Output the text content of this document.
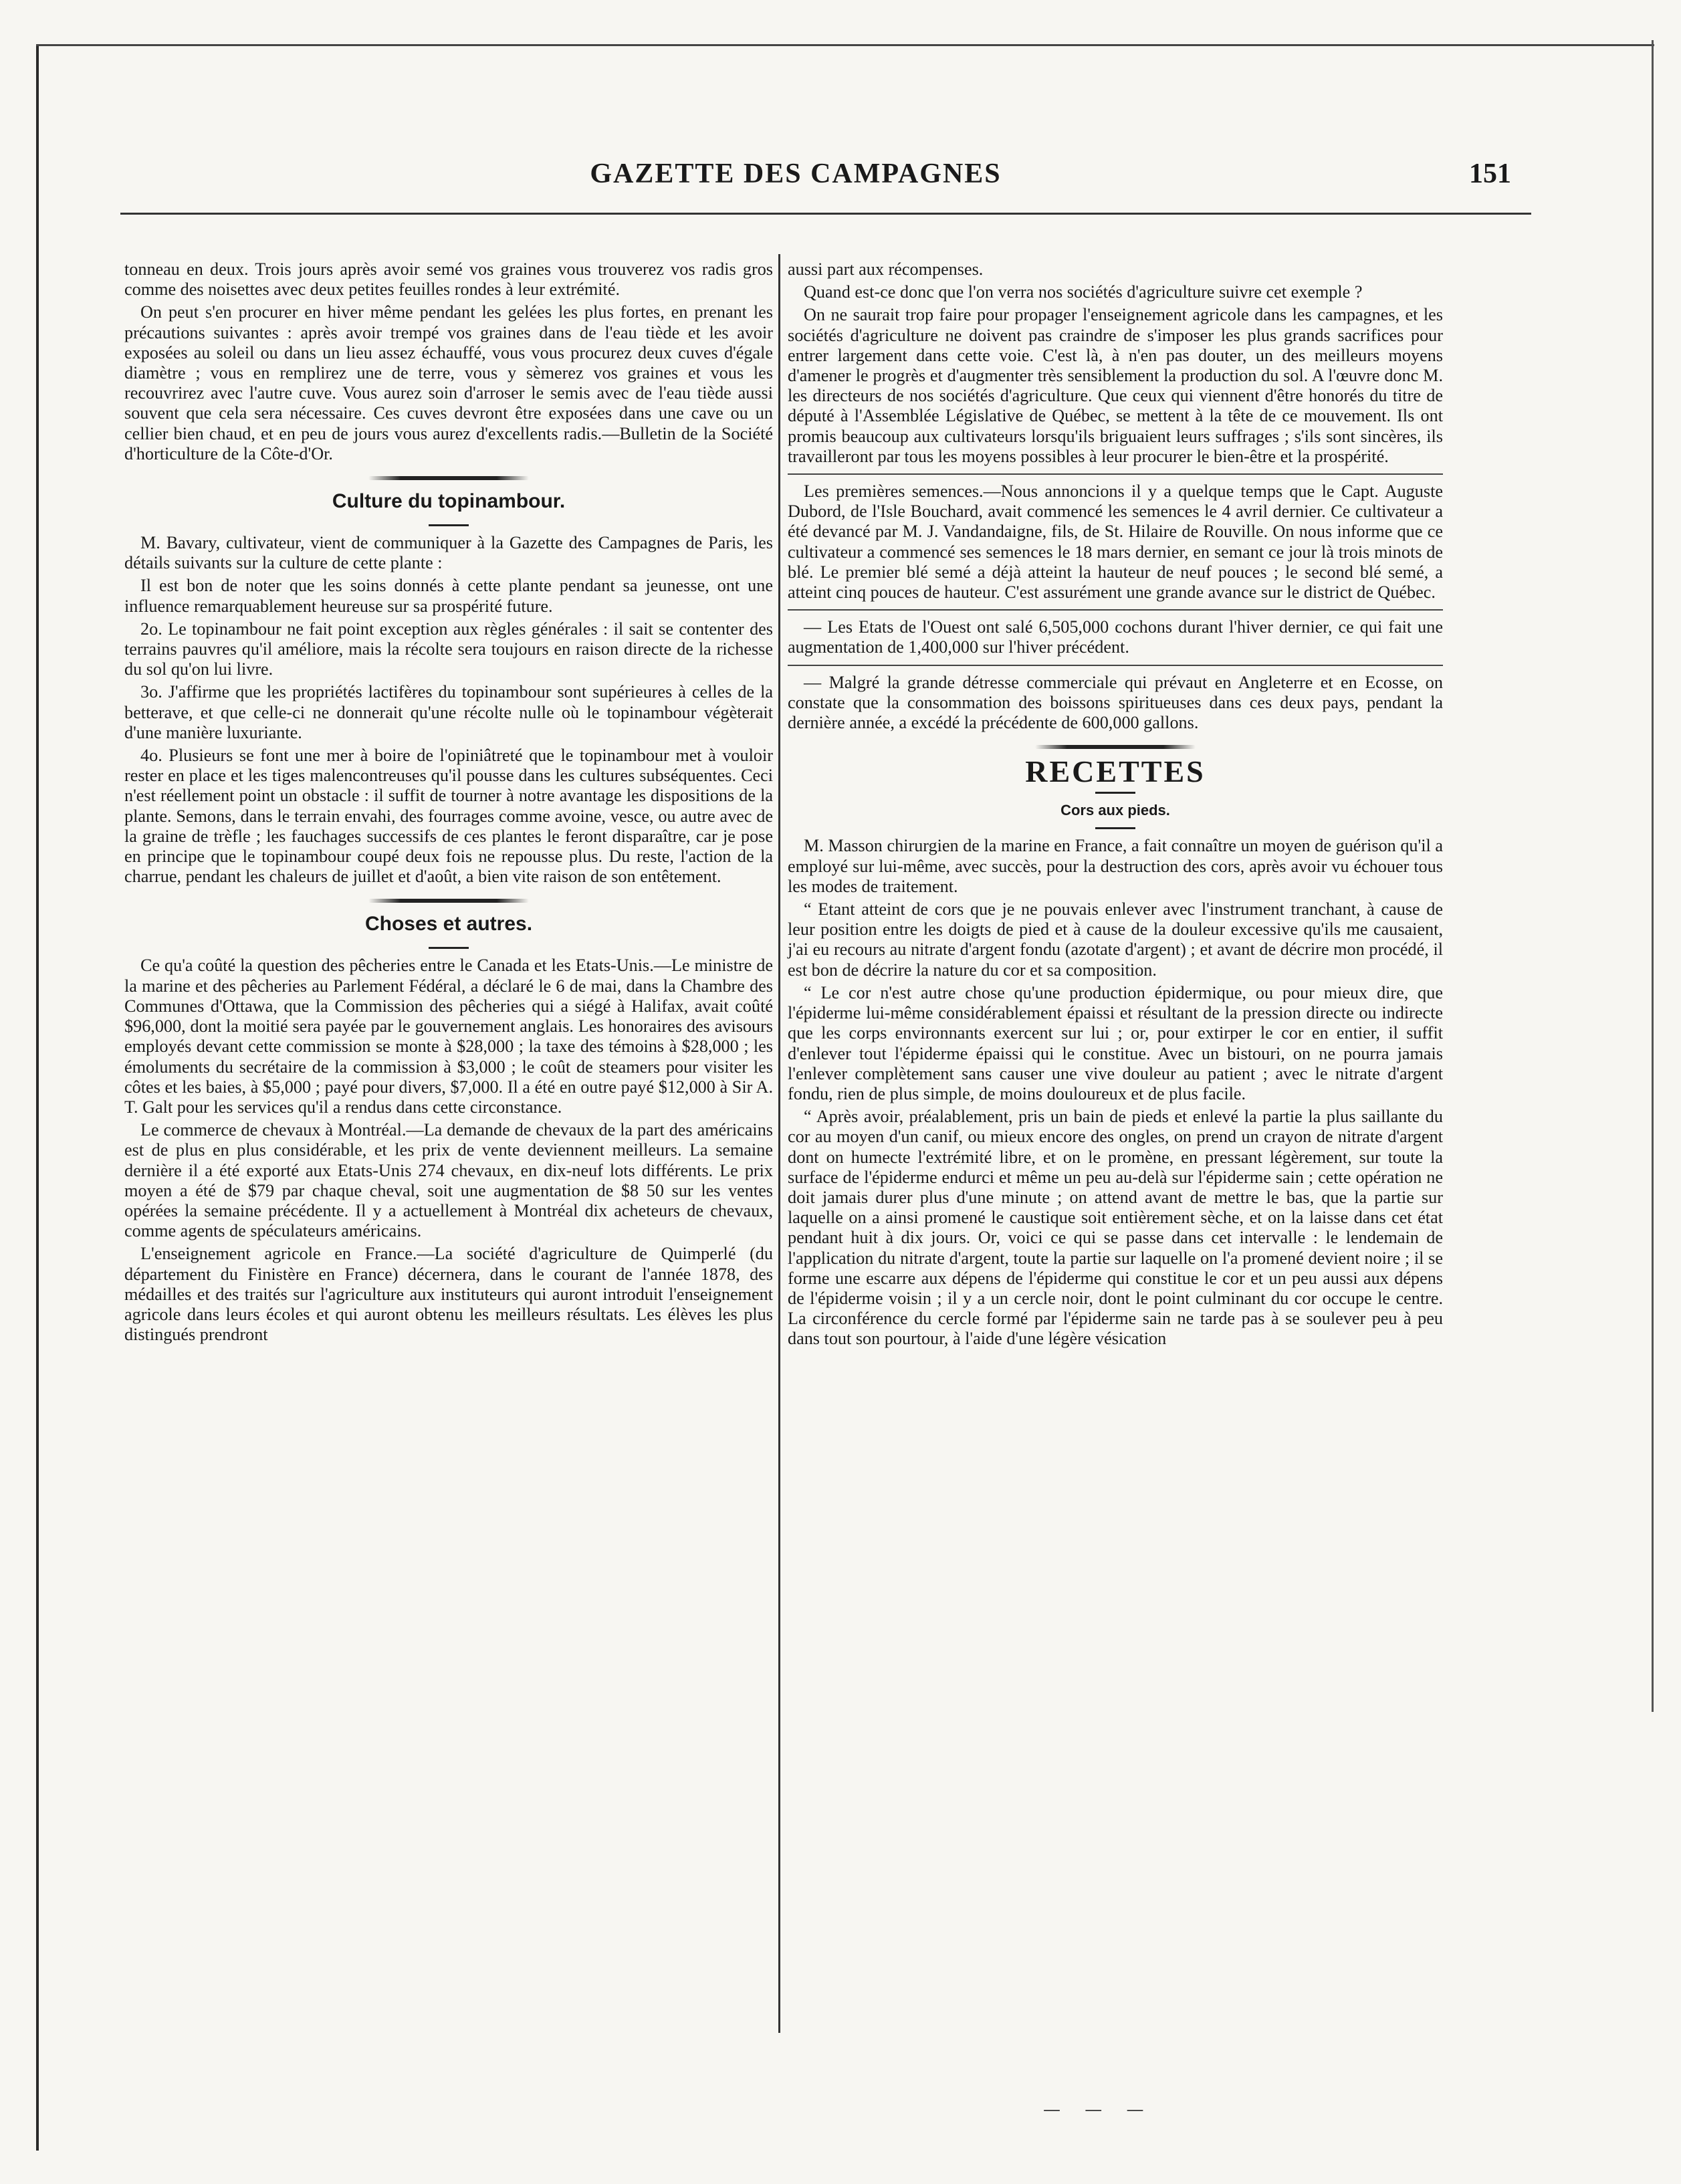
GAZETTE DES CAMPAGNES	151

tonneau en deux. Trois jours après avoir semé vos graines vous trouverez vos radis gros comme des noisettes avec deux petites feuilles rondes à leur extrémité.

On peut s'en procurer en hiver même pendant les gelées les plus fortes, en prenant les précautions suivantes : après avoir trempé vos graines dans de l'eau tiède et les avoir exposées au soleil ou dans un lieu assez échauffé, vous vous procurez deux cuves d'égale diamètre ; vous en remplirez une de terre, vous y sèmerez vos graines et vous les recouvrirez avec l'autre cuve. Vous aurez soin d'arroser le semis avec de l'eau tiède aussi souvent que cela sera nécessaire. Ces cuves devront être exposées dans une cave ou un cellier bien chaud, et en peu de jours vous aurez d'excellents radis.—Bulletin de la Société d'horticulture de la Côte-d'Or.

Culture du topinambour.

M. Bavary, cultivateur, vient de communiquer à la Gazette des Campagnes de Paris, les détails suivants sur la culture de cette plante :

Il est bon de noter que les soins donnés à cette plante pendant sa jeunesse, ont une influence remarquablement heureuse sur sa prospérité future.

2o. Le topinambour ne fait point exception aux règles générales : il sait se contenter des terrains pauvres qu'il améliore, mais la récolte sera toujours en raison directe de la richesse du sol qu'on lui livre.

3o. J'affirme que les propriétés lactifères du topinambour sont supérieures à celles de la betterave, et que celle-ci ne donnerait qu'une récolte nulle où le topinambour végèterait d'une manière luxuriante.

4o. Plusieurs se font une mer à boire de l'opiniâtreté que le topinambour met à vouloir rester en place et les tiges malencontreuses qu'il pousse dans les cultures subséquentes. Ceci n'est réellement point un obstacle : il suffit de tourner à notre avantage les dispositions de la plante. Semons, dans le terrain envahi, des fourrages comme avoine, vesce, ou autre avec de la graine de trèfle ; les fauchages successifs de ces plantes le feront disparaître, car je pose en principe que le topinambour coupé deux fois ne repousse plus. Du reste, l'action de la charrue, pendant les chaleurs de juillet et d'août, a bien vite raison de son entêtement.

Choses et autres.

Ce qu'a coûté la question des pêcheries entre le Canada et les Etats-Unis.—Le ministre de la marine et des pêcheries au Parlement Fédéral, a déclaré le 6 de mai, dans la Chambre des Communes d'Ottawa, que la Commission des pêcheries qui a siégé à Halifax, avait coûté $96,000, dont la moitié sera payée par le gouvernement anglais. Les honoraires des avisours employés devant cette commission se monte à $28,000 ; la taxe des témoins à $28,000 ; les émoluments du secrétaire de la commission à $3,000 ; le coût de steamers pour visiter les côtes et les baies, à $5,000 ; payé pour divers, $7,000. Il a été en outre payé $12,000 à Sir A. T. Galt pour les services qu'il a rendus dans cette circonstance.

Le commerce de chevaux à Montréal.—La demande de chevaux de la part des américains est de plus en plus considérable, et les prix de vente deviennent meilleurs. La semaine dernière il a été exporté aux Etats-Unis 274 chevaux, en dix-neuf lots différents. Le prix moyen a été de $79 par chaque cheval, soit une augmentation de $8 50 sur les ventes opérées la semaine précédente. Il y a actuellement à Montréal dix acheteurs de chevaux, comme agents de spéculateurs américains.

L'enseignement agricole en France.—La société d'agriculture de Quimperlé (du département du Finistère en France) décernera, dans le courant de l'année 1878, des médailles et des traités sur l'agriculture aux instituteurs qui auront introduit l'enseignement agricole dans leurs écoles et qui auront obtenu les meilleurs résultats. Les élèves les plus distingués prendront

aussi part aux récompenses.

Quand est-ce donc que l'on verra nos sociétés d'agriculture suivre cet exemple ?

On ne saurait trop faire pour propager l'enseignement agricole dans les campagnes, et les sociétés d'agriculture ne doivent pas craindre de s'imposer les plus grands sacrifices pour entrer largement dans cette voie. C'est là, à n'en pas douter, un des meilleurs moyens d'amener le progrès et d'augmenter très sensiblement la production du sol. A l'œuvre donc M. les directeurs de nos sociétés d'agriculture. Que ceux qui viennent d'être honorés du titre de député à l'Assemblée Législative de Québec, se mettent à la tête de ce mouvement. Ils ont promis beaucoup aux cultivateurs lorsqu'ils briguaient leurs suffrages ; s'ils sont sincères, ils travailleront par tous les moyens possibles à leur procurer le bien-être et la prospérité.

Les premières semences.—Nous annoncions il y a quelque temps que le Capt. Auguste Dubord, de l'Isle Bouchard, avait commencé les semences le 4 avril dernier. Ce cultivateur a été devancé par M. J. Vandandaigne, fils, de St. Hilaire de Rouville. On nous informe que ce cultivateur a commencé ses semences le 18 mars dernier, en semant ce jour là trois minots de blé. Le premier blé semé a déjà atteint la hauteur de neuf pouces ; le second blé semé, a atteint cinq pouces de hauteur. C'est assurément une grande avance sur le district de Québec.

— Les Etats de l'Ouest ont salé 6,505,000 cochons durant l'hiver dernier, ce qui fait une augmentation de 1,400,000 sur l'hiver précédent.

— Malgré la grande détresse commerciale qui prévaut en Angleterre et en Ecosse, on constate que la consommation des boissons spiritueuses dans ces deux pays, pendant la dernière année, a excédé la précédente de 600,000 gallons.

RECETTES
Cors aux pieds.

M. Masson chirurgien de la marine en France, a fait connaître un moyen de guérison qu'il a employé sur lui-même, avec succès, pour la destruction des cors, après avoir vu échouer tous les modes de traitement.

“ Etant atteint de cors que je ne pouvais enlever avec l'instrument tranchant, à cause de leur position entre les doigts de pied et à cause de la douleur excessive qu'ils me causaient, j'ai eu recours au nitrate d'argent fondu (azotate d'argent) ; et avant de décrire mon procédé, il est bon de décrire la nature du cor et sa composition.

“ Le cor n'est autre chose qu'une production épidermique, ou pour mieux dire, que l'épiderme lui-même considérablement épaissi et résultant de la pression directe ou indirecte que les corps environnants exercent sur lui ; or, pour extirper le cor en entier, il suffit d'enlever tout l'épiderme épaissi qui le constitue. Avec un bistouri, on ne pourra jamais l'enlever complètement sans causer une vive douleur au patient ; avec le nitrate d'argent fondu, rien de plus simple, de moins douloureux et de plus facile.

“ Après avoir, préalablement, pris un bain de pieds et enlevé la partie la plus saillante du cor au moyen d'un canif, ou mieux encore des ongles, on prend un crayon de nitrate d'argent dont on humecte l'extrémité libre, et on le promène, en pressant légèrement, sur toute la surface de l'épiderme endurci et même un peu au-delà sur l'épiderme sain ; cette opération ne doit jamais durer plus d'une minute ; on attend avant de mettre le bas, que la partie sur laquelle on a ainsi promené le caustique soit entièrement sèche, et on la laisse dans cet état pendant huit à dix jours. Or, voici ce qui se passe dans cet intervalle : le lendemain de l'application du nitrate d'argent, toute la partie sur laquelle on l'a promené devient noire ; il se forme une escarre aux dépens de l'épiderme qui constitue le cor et un peu aussi aux dépens de l'épiderme voisin ; il y a un cercle noir, dont le point culminant du cor occupe le centre. La circonférence du cercle formé par l'épiderme sain ne tarde pas à se soulever peu à peu dans tout son pourtour, à l'aide d'une légère vésication

— — —
